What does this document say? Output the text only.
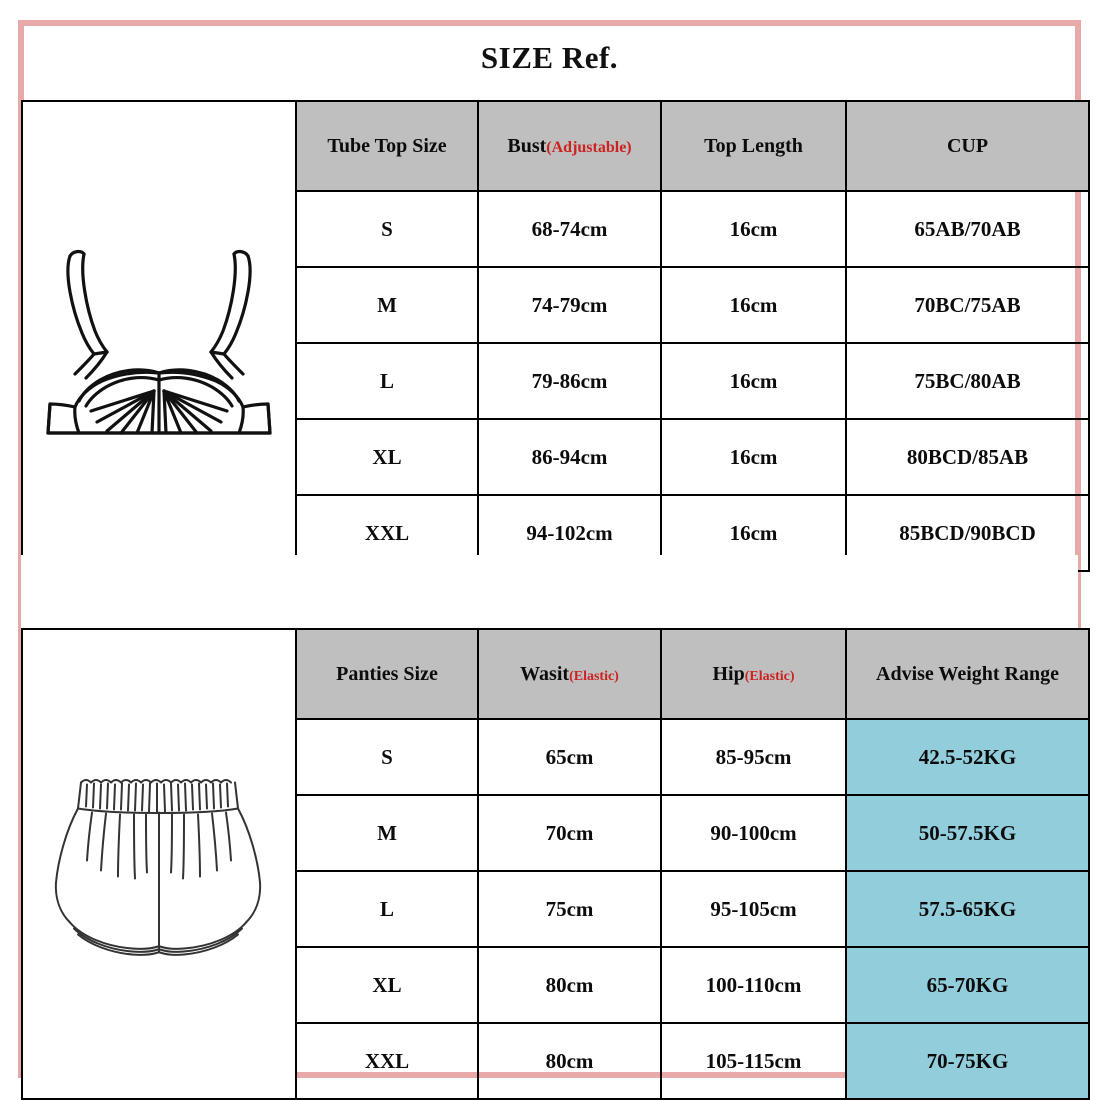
SIZE Ref.
	Tube Top Size	Bust(Adjustable)	Top Length	CUP
	S	68-74cm	16cm	65AB/70AB
	M	74-79cm	16cm	70BC/75AB
	L	79-86cm	16cm	75BC/80AB
	XL	86-94cm	16cm	80BCD/85AB
	XXL	94-102cm	16cm	85BCD/90BCD
	Panties Size	Wasit(Elastic)	Hip(Elastic)	Advise Weight Range
	S	65cm	85-95cm	42.5-52KG
	M	70cm	90-100cm	50-57.5KG
	L	75cm	95-105cm	57.5-65KG
	XL	80cm	100-110cm	65-70KG
	XXL	80cm	105-115cm	70-75KG
